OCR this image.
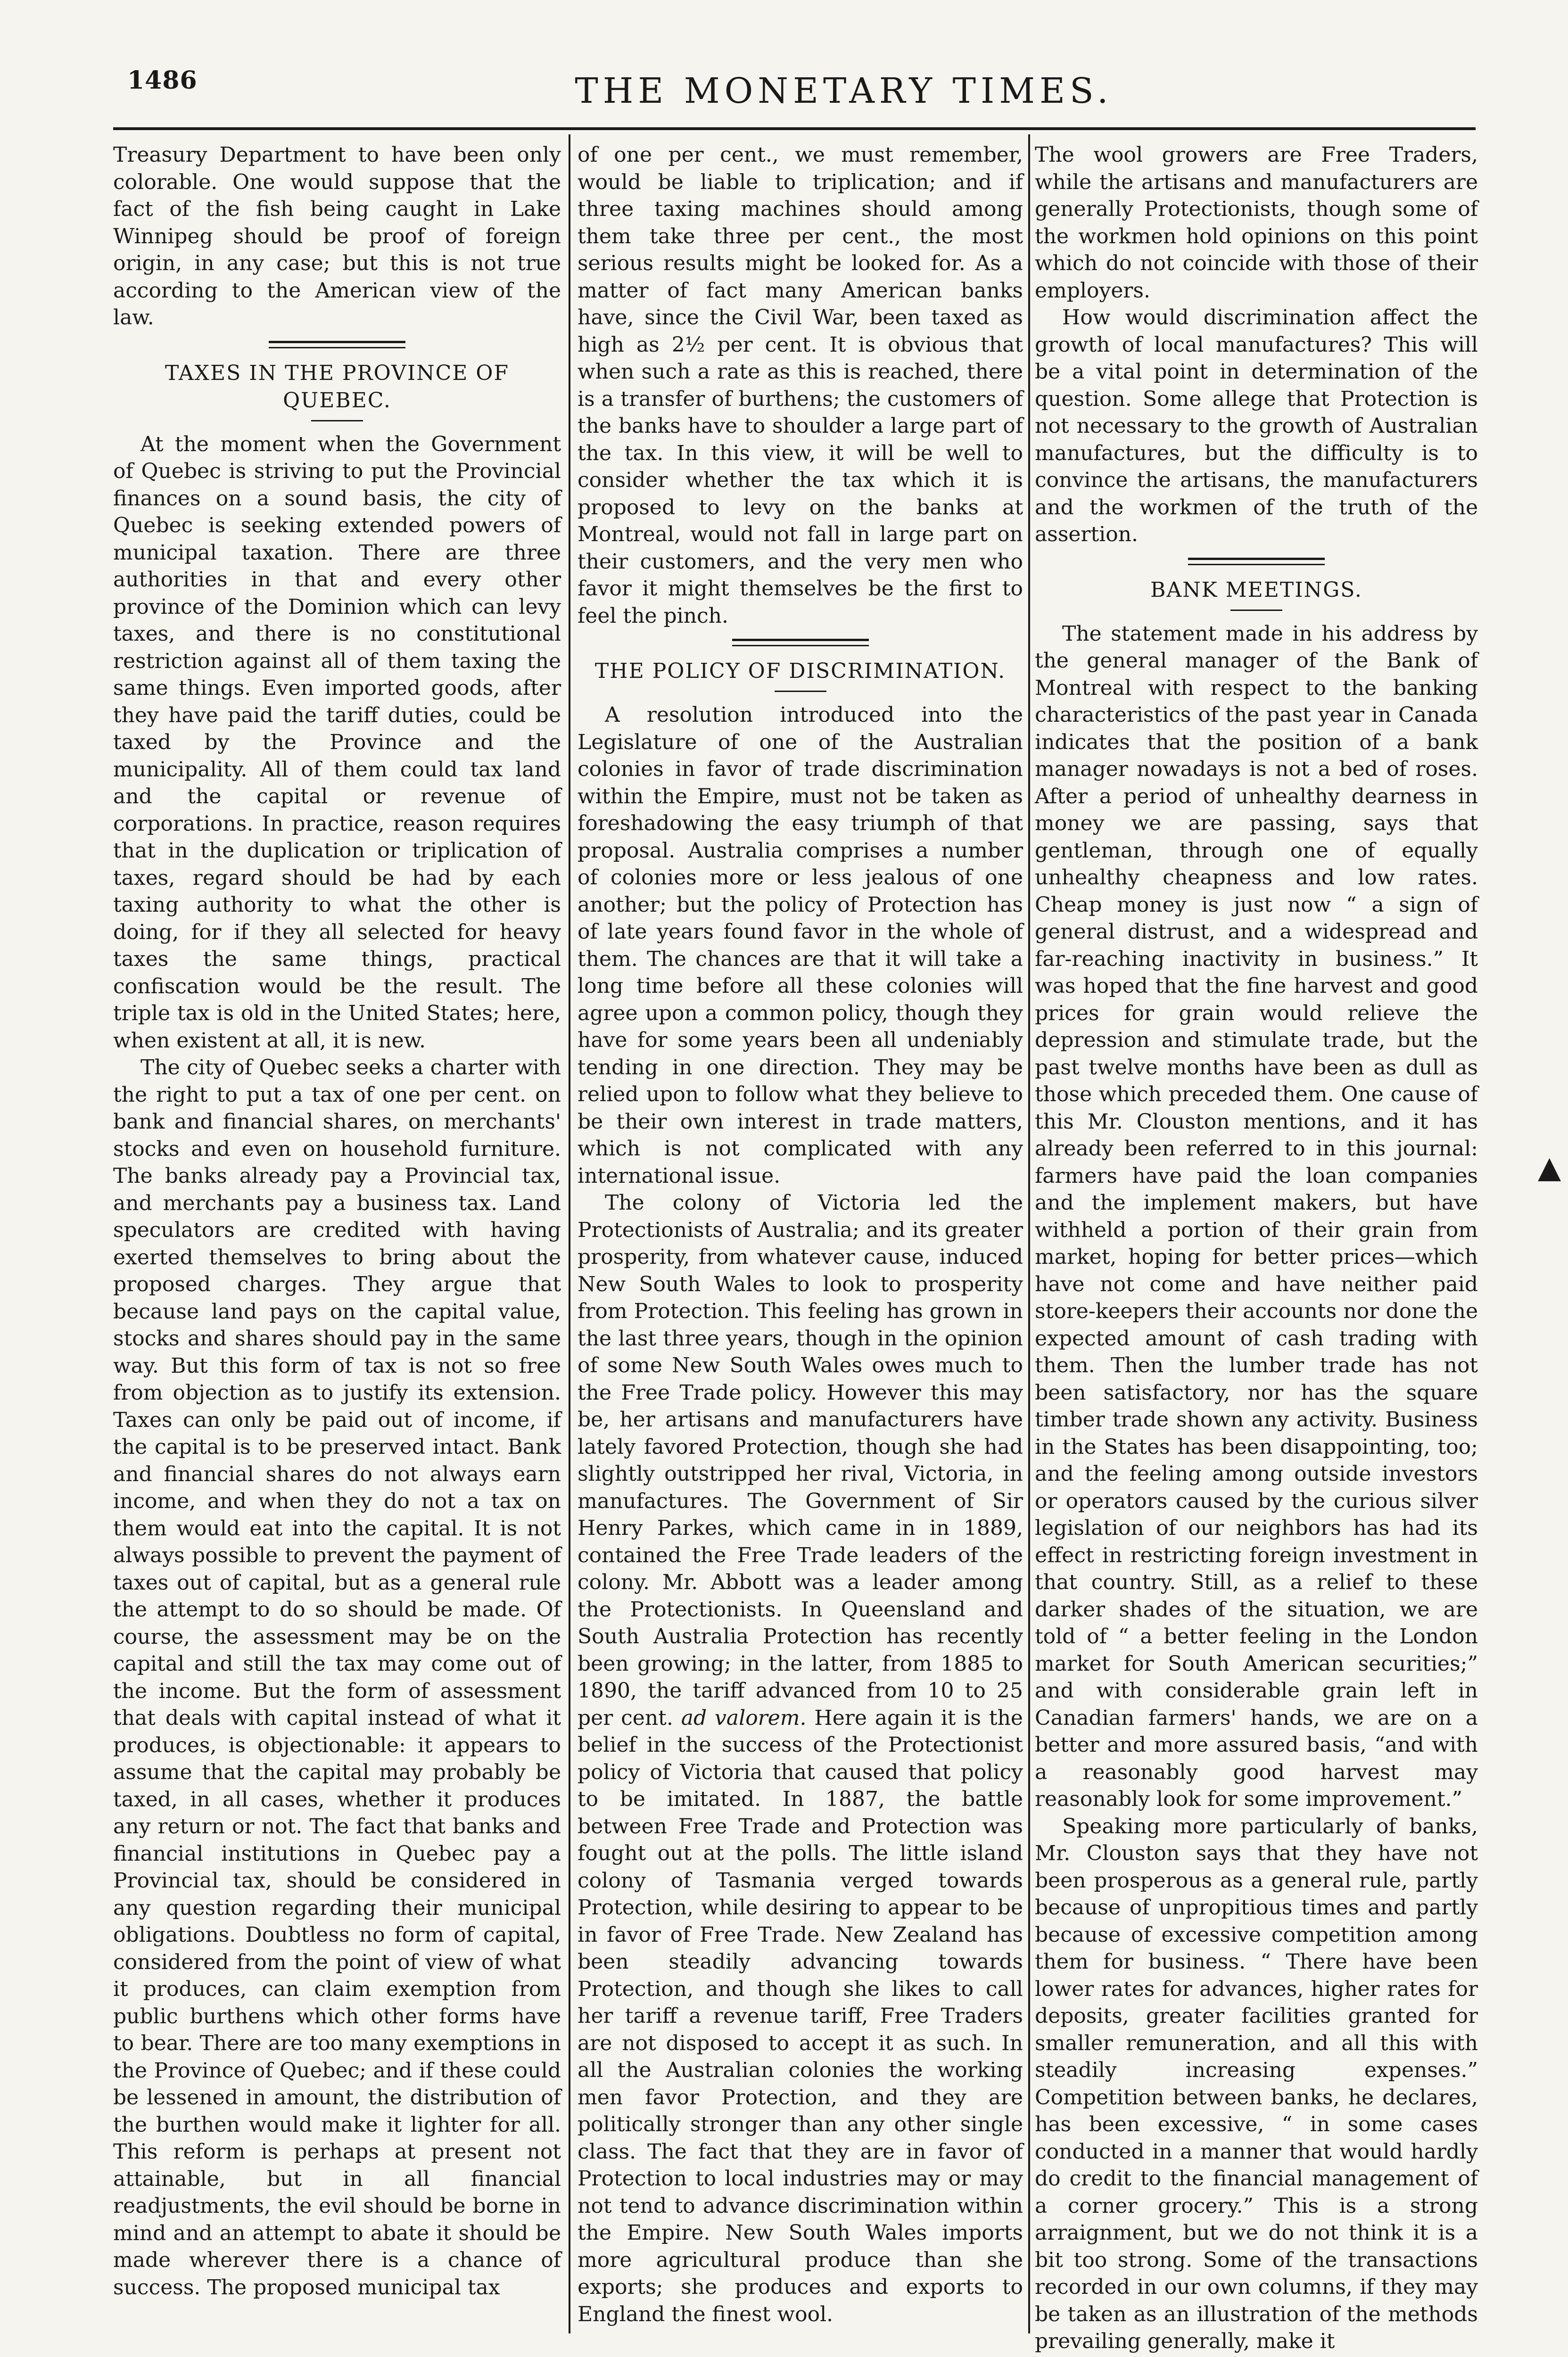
1486	THE MONETARY TIMES.

Treasury Department to have been only colorable. One would suppose that the fact of the fish being caught in Lake Winnipeg should be proof of foreign origin, in any case; but this is not true according to the American view of the law.

TAXES IN THE PROVINCE OF QUEBEC.

At the moment when the Government of Quebec is striving to put the Provincial finances on a sound basis, the city of Quebec is seeking extended powers of municipal taxation. There are three authorities in that and every other province of the Dominion which can levy taxes, and there is no constitutional restriction against all of them taxing the same things. Even imported goods, after they have paid the tariff duties, could be taxed by the Province and the municipality. All of them could tax land and the capital or revenue of corporations. In practice, reason requires that in the duplication or triplication of taxes, regard should be had by each taxing authority to what the other is doing, for if they all selected for heavy taxes the same things, practical confiscation would be the result. The triple tax is old in the United States; here, when existent at all, it is new.

The city of Quebec seeks a charter with the right to put a tax of one per cent. on bank and financial shares, on merchants' stocks and even on household furniture. The banks already pay a Provincial tax, and merchants pay a business tax. Land speculators are credited with having exerted themselves to bring about the proposed charges. They argue that because land pays on the capital value, stocks and shares should pay in the same way. But this form of tax is not so free from objection as to justify its extension. Taxes can only be paid out of income, if the capital is to be preserved intact. Bank and financial shares do not always earn income, and when they do not a tax on them would eat into the capital. It is not always possible to prevent the payment of taxes out of capital, but as a general rule the attempt to do so should be made. Of course, the assessment may be on the capital and still the tax may come out of the income. But the form of assessment that deals with capital instead of what it produces, is objectionable: it appears to assume that the capital may probably be taxed, in all cases, whether it produces any return or not. The fact that banks and financial institutions in Quebec pay a Provincial tax, should be considered in any question regarding their municipal obligations. Doubtless no form of capital, considered from the point of view of what it produces, can claim exemption from public burthens which other forms have to bear. There are too many exemptions in the Province of Quebec; and if these could be lessened in amount, the distribution of the burthen would make it lighter for all. This reform is perhaps at present not attainable, but in all financial readjustments, the evil should be borne in mind and an attempt to abate it should be made wherever there is a chance of success. The proposed municipal tax

of one per cent., we must remember, would be liable to triplication; and if three taxing machines should among them take three per cent., the most serious results might be looked for. As a matter of fact many American banks have, since the Civil War, been taxed as high as 2½ per cent. It is obvious that when such a rate as this is reached, there is a transfer of burthens; the customers of the banks have to shoulder a large part of the tax. In this view, it will be well to consider whether the tax which it is proposed to levy on the banks at Montreal, would not fall in large part on their customers, and the very men who favor it might themselves be the first to feel the pinch.

THE POLICY OF DISCRIMINATION.

A resolution introduced into the Legislature of one of the Australian colonies in favor of trade discrimination within the Empire, must not be taken as foreshadowing the easy triumph of that proposal. Australia comprises a number of colonies more or less jealous of one another; but the policy of Protection has of late years found favor in the whole of them. The chances are that it will take a long time before all these colonies will agree upon a common policy, though they have for some years been all undeniably tending in one direction. They may be relied upon to follow what they believe to be their own interest in trade matters, which is not complicated with any international issue.

The colony of Victoria led the Protectionists of Australia; and its greater prosperity, from whatever cause, induced New South Wales to look to prosperity from Protection. This feeling has grown in the last three years, though in the opinion of some New South Wales owes much to the Free Trade policy. However this may be, her artisans and manufacturers have lately favored Protection, though she had slightly outstripped her rival, Victoria, in manufactures. The Government of Sir Henry Parkes, which came in in 1889, contained the Free Trade leaders of the colony. Mr. Abbott was a leader among the Protectionists. In Queensland and South Australia Protection has recently been growing; in the latter, from 1885 to 1890, the tariff advanced from 10 to 25 per cent. ad valorem. Here again it is the belief in the success of the Protectionist policy of Victoria that caused that policy to be imitated. In 1887, the battle between Free Trade and Protection was fought out at the polls. The little island colony of Tasmania verged towards Protection, while desiring to appear to be in favor of Free Trade. New Zealand has been steadily advancing towards Protection, and though she likes to call her tariff a revenue tariff, Free Traders are not disposed to accept it as such. In all the Australian colonies the working men favor Protection, and they are politically stronger than any other single class. The fact that they are in favor of Protection to local industries may or may not tend to advance discrimination within the Empire. New South Wales imports more agricultural produce than she exports; she produces and exports to England the finest wool.

The wool growers are Free Traders, while the artisans and manufacturers are generally Protectionists, though some of the workmen hold opinions on this point which do not coincide with those of their employers.

How would discrimination affect the growth of local manufactures? This will be a vital point in determination of the question. Some allege that Protection is not necessary to the growth of Australian manufactures, but the difficulty is to convince the artisans, the manufacturers and the workmen of the truth of the assertion.

BANK MEETINGS.

The statement made in his address by the general manager of the Bank of Montreal with respect to the banking characteristics of the past year in Canada indicates that the position of a bank manager nowadays is not a bed of roses. After a period of unhealthy dearness in money we are passing, says that gentleman, through one of equally unhealthy cheapness and low rates. Cheap money is just now “ a sign of general distrust, and a widespread and far-reaching inactivity in business.” It was hoped that the fine harvest and good prices for grain would relieve the depression and stimulate trade, but the past twelve months have been as dull as those which preceded them. One cause of this Mr. Clouston mentions, and it has already been referred to in this journal: farmers have paid the loan companies and the implement makers, but have withheld a portion of their grain from market, hoping for better prices—which have not come and have neither paid store-keepers their accounts nor done the expected amount of cash trading with them. Then the lumber trade has not been satisfactory, nor has the square timber trade shown any activity. Business in the States has been disappointing, too; and the feeling among outside investors or operators caused by the curious silver legislation of our neighbors has had its effect in restricting foreign investment in that country. Still, as a relief to these darker shades of the situation, we are told of “ a better feeling in the London market for South American securities;” and with considerable grain left in Canadian farmers' hands, we are on a better and more assured basis, “and with a reasonably good harvest may reasonably look for some improvement.”

Speaking more particularly of banks, Mr. Clouston says that they have not been prosperous as a general rule, partly because of unpropitious times and partly because of excessive competition among them for business. “ There have been lower rates for advances, higher rates for deposits, greater facilities granted for smaller remuneration, and all this with steadily increasing expenses.” Competition between banks, he declares, has been excessive, “ in some cases conducted in a manner that would hardly do credit to the financial management of a corner grocery.” This is a strong arraignment, but we do not think it is a bit too strong. Some of the transactions recorded in our own columns, if they may be taken as an illustration of the methods prevailing generally, make it

▲
